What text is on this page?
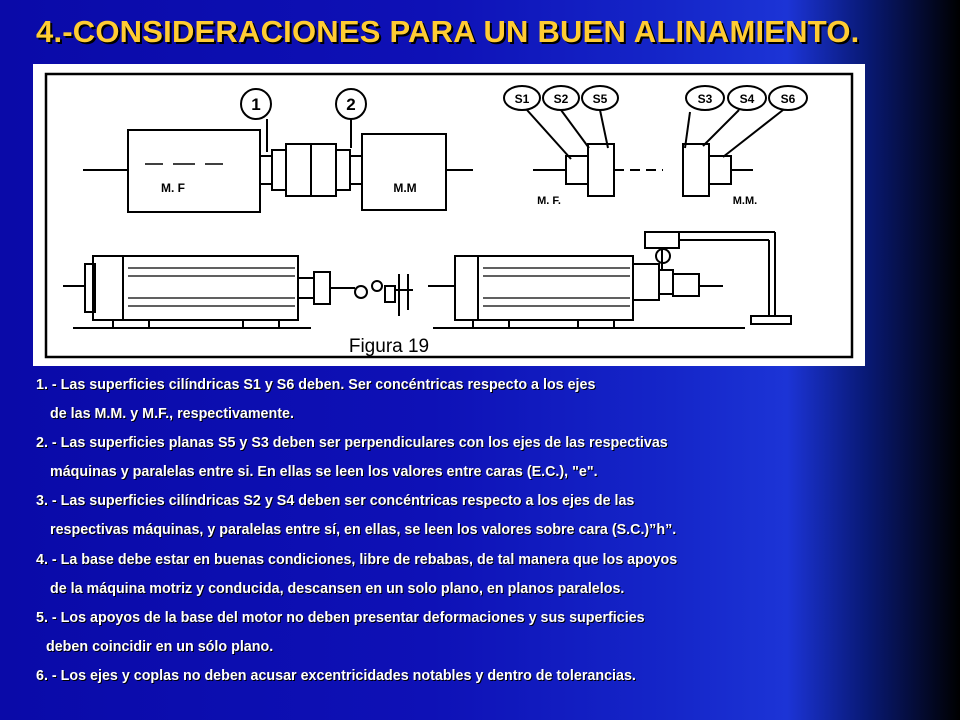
4.-CONSIDERACIONES PARA UN BUEN ALINAMIENTO.
1	2	S1 S2 S5	S3 S4 S6
M. F	M.M
M. F.	M.M.
Figura 19
1. - Las superficies cilíndricas S1 y S6 deben. Ser concéntricas respecto a los ejes
de las M.M. y M.F., respectivamente.
2. - Las superficies planas S5 y S3 deben ser perpendiculares con los ejes de las respectivas
máquinas y paralelas entre si. En ellas se leen los valores entre caras (E.C.), "e".
3. - Las superficies cilíndricas S2 y S4 deben ser concéntricas respecto a los ejes de las
respectivas máquinas, y paralelas entre sí, en ellas, se leen los valores sobre cara (S.C.)”h”.
4. - La base debe estar en buenas condiciones, libre de rebabas, de tal manera que los apoyos
de la máquina motriz y conducida, descansen en un solo plano, en planos paralelos.
5. - Los apoyos de la base del motor no deben presentar deformaciones y sus superficies
deben coincidir en un sólo plano.
6. - Los ejes y coplas no deben acusar excentricidades notables y dentro de tolerancias.
